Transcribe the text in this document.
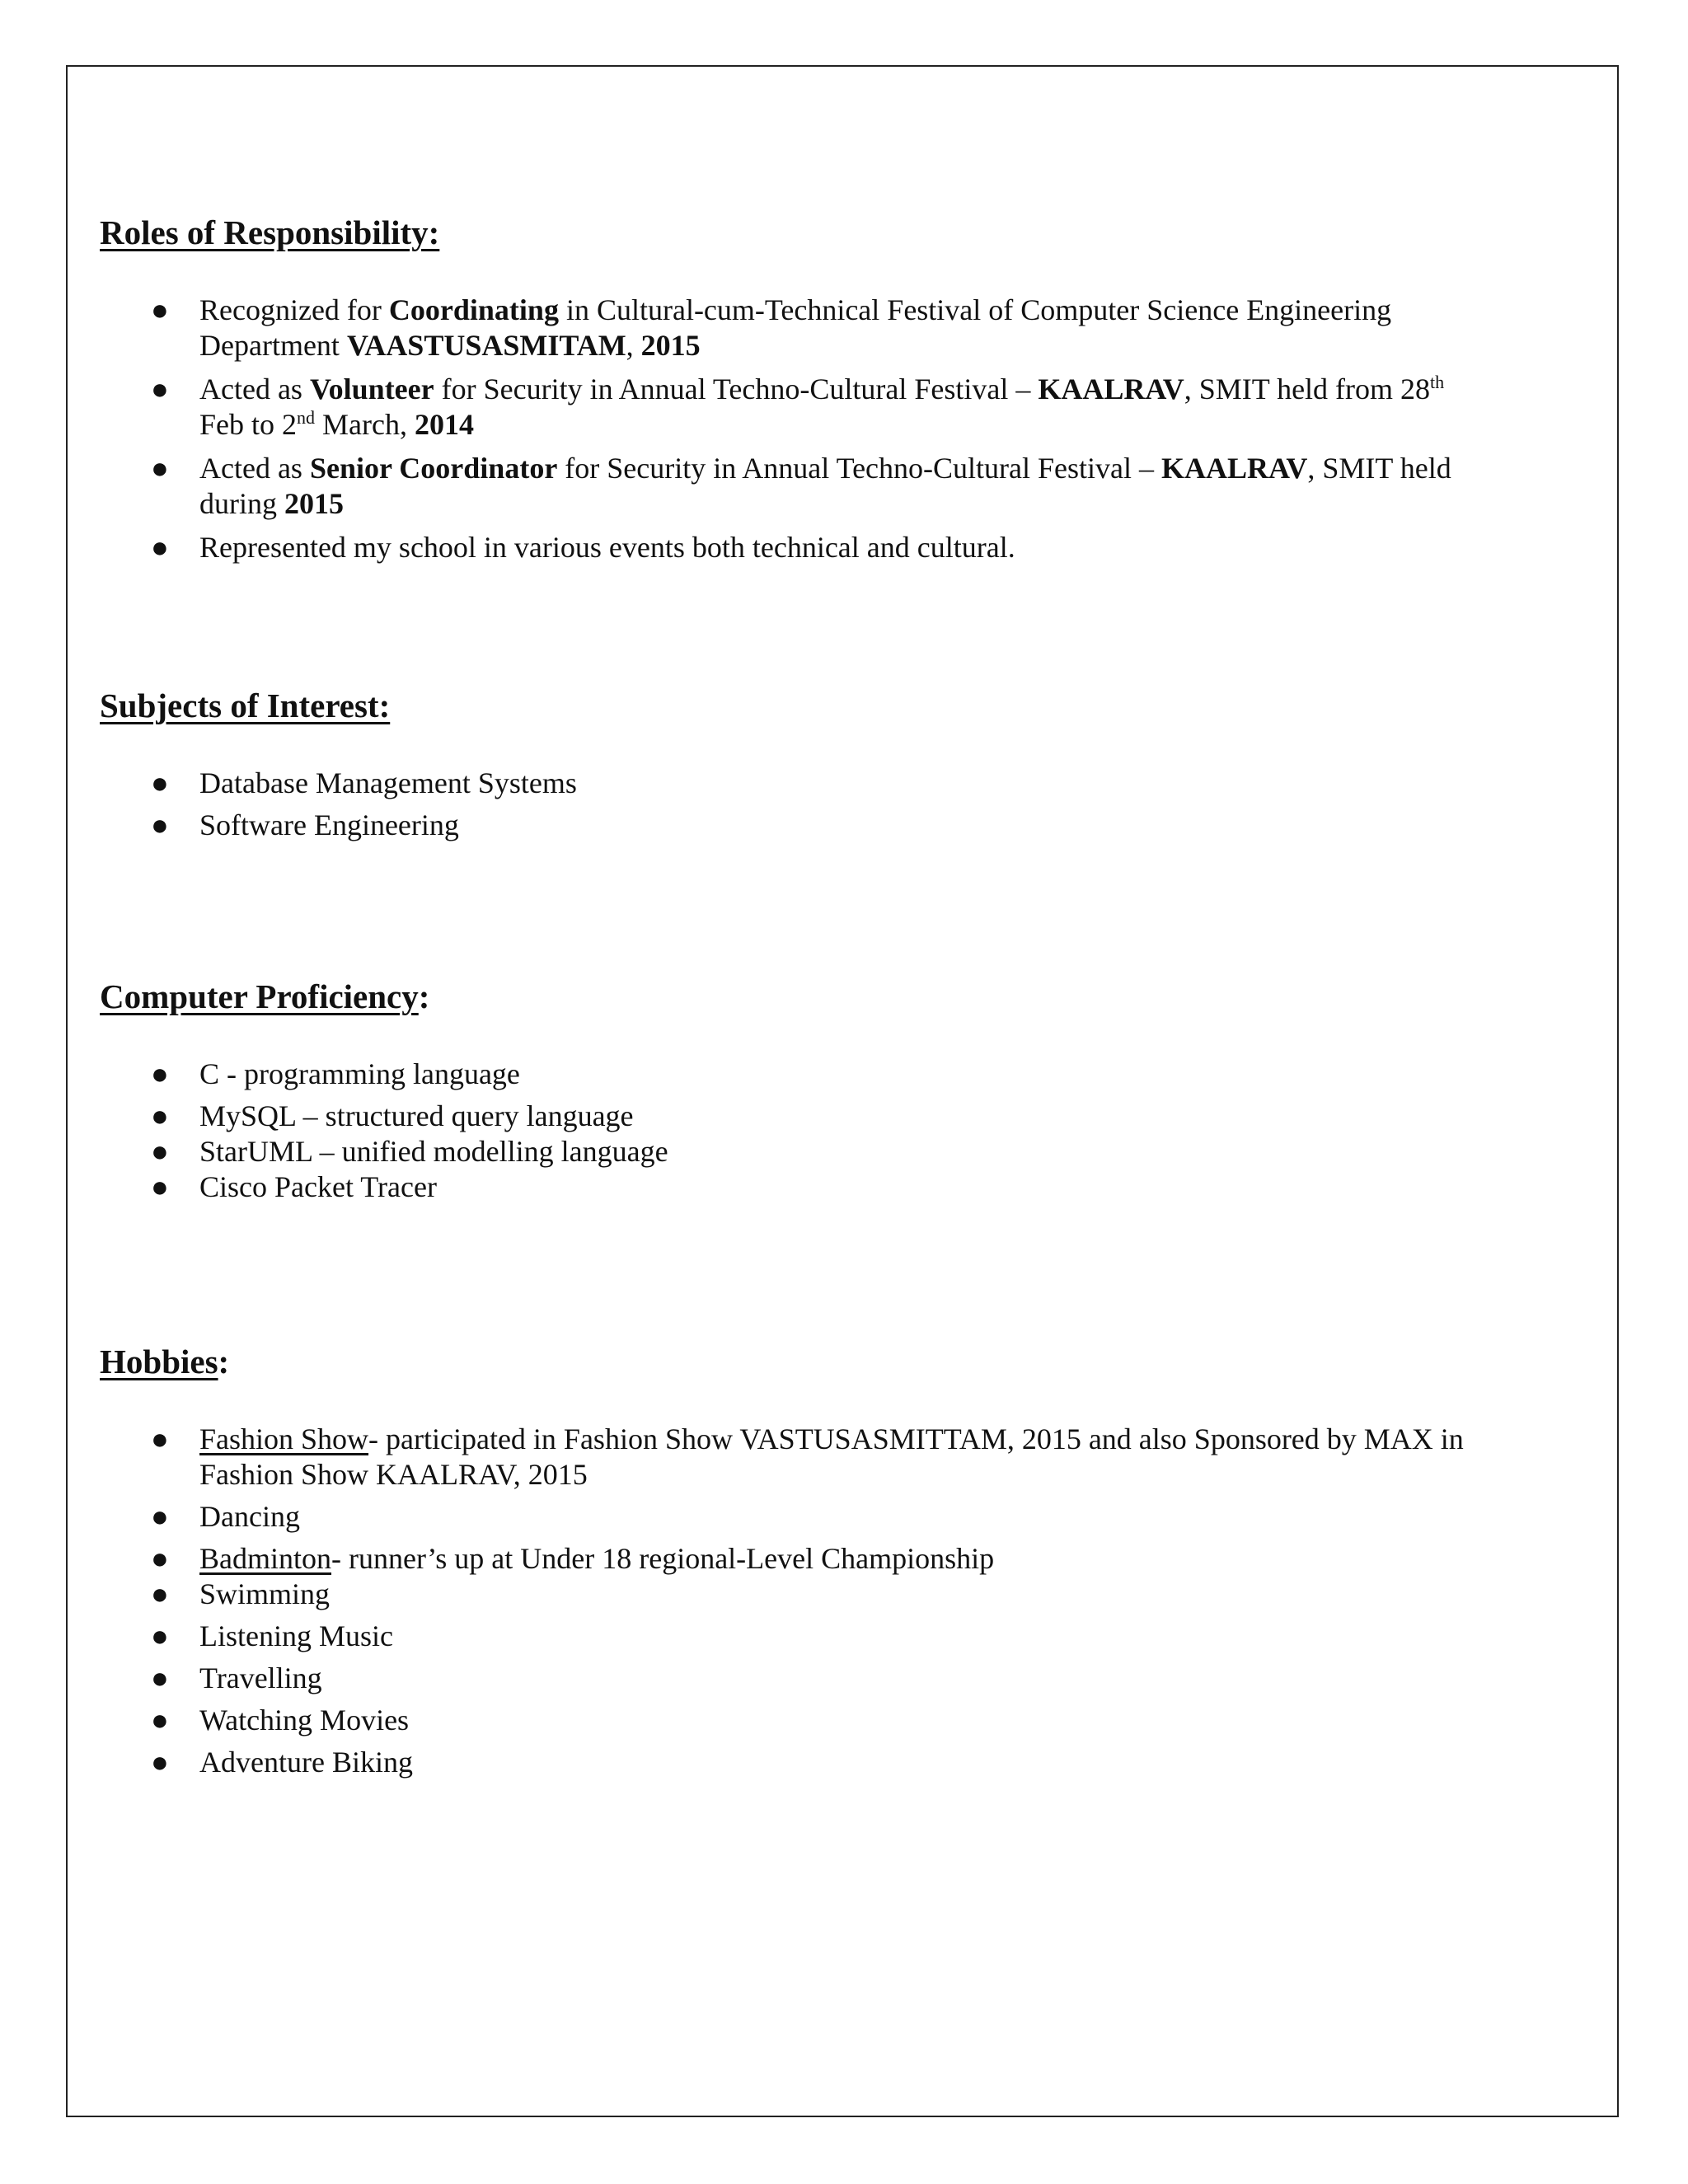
Roles of Responsibility:
● Recognized for Coordinating in Cultural-cum-Technical Festival of Computer Science Engineering Department VAASTUSASMITAM, 2015
● Acted as Volunteer for Security in Annual Techno-Cultural Festival – KAALRAV, SMIT held from 28th Feb to 2nd March, 2014
● Acted as Senior Coordinator for Security in Annual Techno-Cultural Festival – KAALRAV, SMIT held during 2015
● Represented my school in various events both technical and cultural.
Subjects of Interest:
● Database Management Systems
● Software Engineering
Computer Proficiency:
● C - programming language
● MySQL – structured query language
● StarUML – unified modelling language
● Cisco Packet Tracer
Hobbies:
● Fashion Show- participated in Fashion Show VASTUSASMITTAM, 2015 and also Sponsored by MAX in Fashion Show KAALRAV, 2015
● Dancing
● Badminton- runner’s up at Under 18 regional-Level Championship
● Swimming
● Listening Music
● Travelling
● Watching Movies
● Adventure Biking
